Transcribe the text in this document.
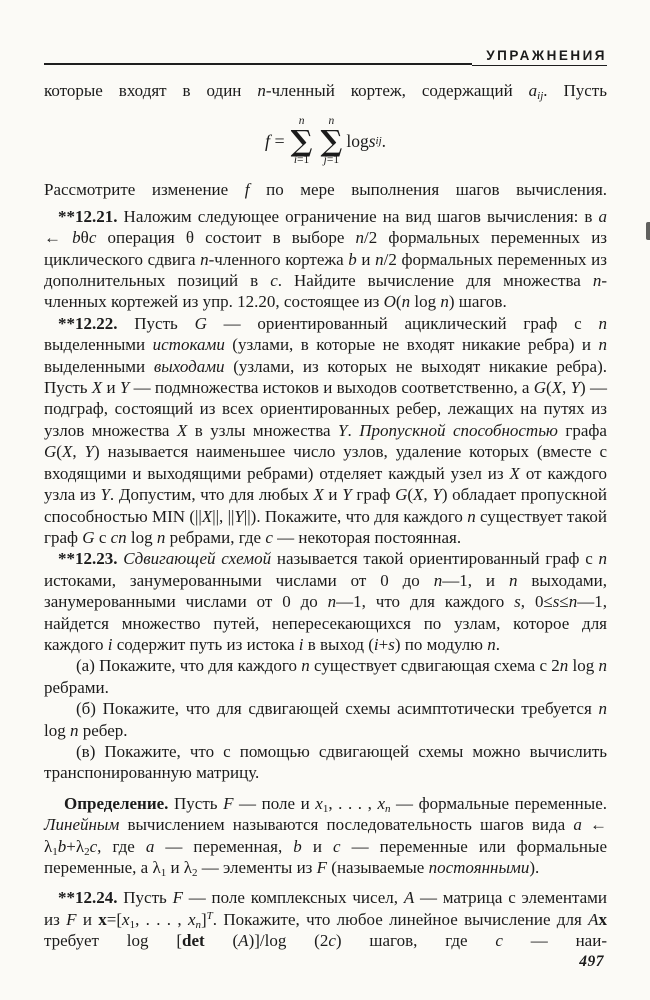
УПРАЖНЕНИЯ

которые входят в один n-членный кортеж, содержащий aij. Пусть

f =
n
∑
i=1
n
∑
j=1
log s ij .

Рассмотрите изменение f по мере выполнения шагов вычисления.

**12.21. Наложим следующее ограничение на вид шагов вычисления: в a ← bθc операция θ состоит в выборе n/2 формальных переменных из циклического сдвига n-членного кортежа b и n/2 формальных переменных из дополнительных позиций в c. Найдите вычисление для множества n-членных кортежей из упр. 12.20, состоящее из O(n log n) шагов.

**12.22. Пусть G — ориентированный ациклический граф с n выделенными истоками (узлами, в которые не входят никакие ребра) и n выделенными выходами (узлами, из которых не выходят никакие ребра). Пусть X и Y — подмножества истоков и выходов соответственно, а G(X, Y) — подграф, состоящий из всех ориентированных ребер, лежащих на путях из узлов множества X в узлы множества Y. Пропускной способностью графа G(X, Y) называется наименьшее число узлов, удаление которых (вместе с входящими и выходящими ребрами) отделяет каждый узел из X от каждого узла из Y. Допустим, что для любых X и Y граф G(X, Y) обладает пропускной способностью MIN (||X||, ||Y||). Покажите, что для каждого n существует такой граф G с cn log n ребрами, где c — некоторая постоянная.

**12.23. Сдвигающей схемой называется такой ориентированный граф с n истоками, занумерованными числами от 0 до n—1, и n выходами, занумерованными числами от 0 до n—1, что для каждого s, 0≤s≤n—1, найдется множество путей, непересекающихся по узлам, которое для каждого i содержит путь из истока i в выход (i+s) по модулю n.

(а) Покажите, что для каждого n существует сдвигающая схема с 2n log n ребрами.

(б) Покажите, что для сдвигающей схемы асимптотически требуется n log n ребер.

(в) Покажите, что с помощью сдвигающей схемы можно вычислить транспонированную матрицу.

Определение. Пусть F — поле и x1, . . . , xn — формальные переменные. Линейным вычислением называются последовательность шагов вида a ← λ1b+λ2c, где a — переменная, b и c — переменные или формальные переменные, а λ1 и λ2 — элементы из F (называемые постоянными).

**12.24. Пусть F — поле комплексных чисел, A — матрица с элементами из F и x=[x1, . . . , xn]$^T$. Покажите, что любое линейное вычисление для Ax требует log [det (A)]/log (2c) шагов, где c — наи-

497
